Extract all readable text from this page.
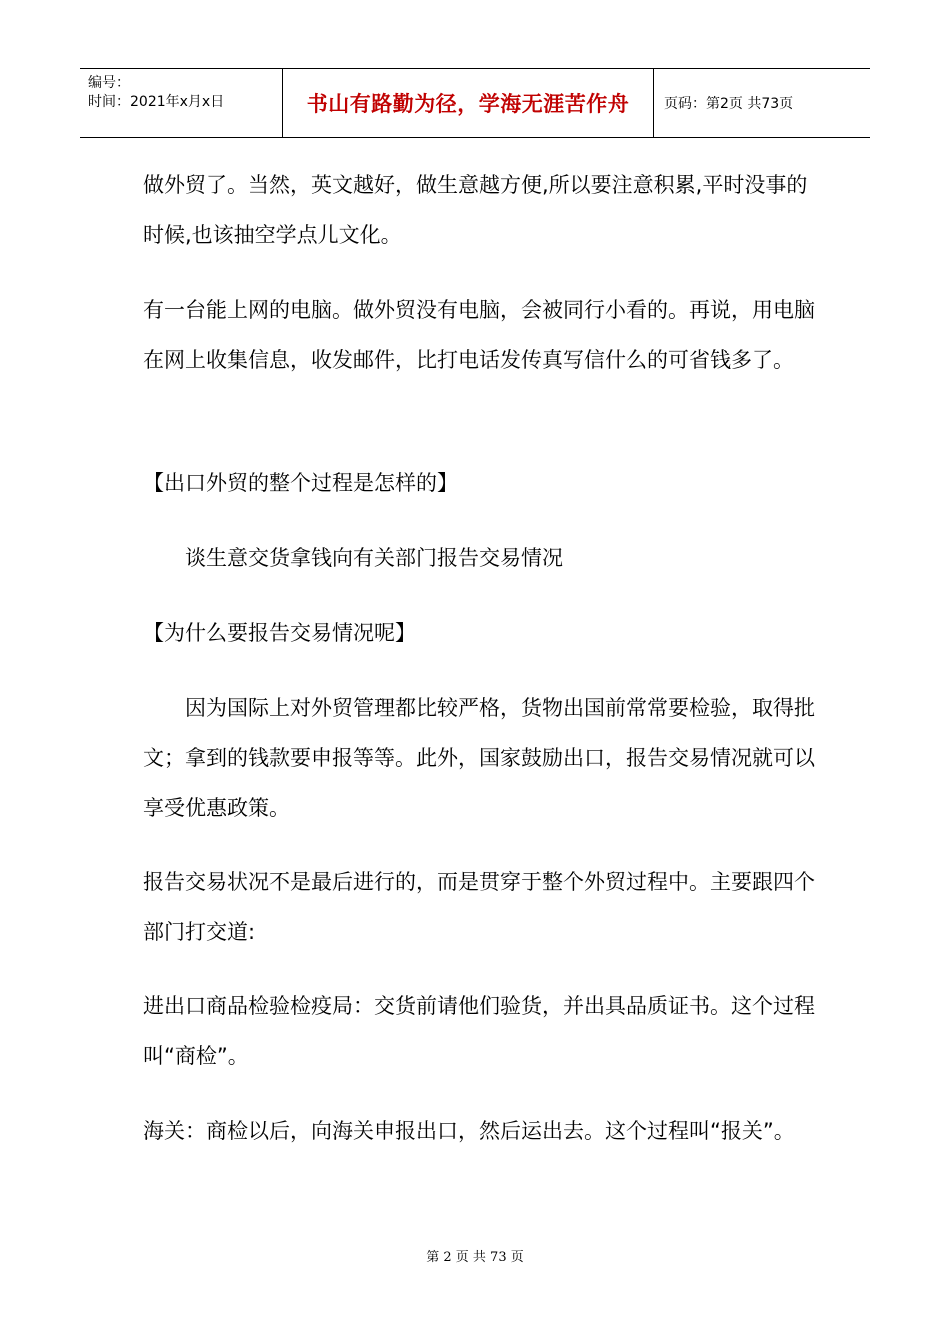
编号：
时间：2021年x月x日	书山有路勤为径，学海无涯苦作舟	页码：第2页 共73页

做外贸了。当然，英文越好，做生意越方便,所以要注意积累,平时没事的时候,也该抽空学点儿文化。

有一台能上网的电脑。做外贸没有电脑，会被同行小看的。再说，用电脑在网上收集信息，收发邮件，比打电话发传真写信什么的可省钱多了。

【出口外贸的整个过程是怎样的】

谈生意交货拿钱向有关部门报告交易情况

【为什么要报告交易情况呢】

因为国际上对外贸管理都比较严格，货物出国前常常要检验，取得批文；拿到的钱款要申报等等。此外，国家鼓励出口，报告交易情况就可以享受优惠政策。

报告交易状况不是最后进行的，而是贯穿于整个外贸过程中。主要跟四个部门打交道:

进出口商品检验检疫局：交货前请他们验货，并出具品质证书。这个过程叫“商检”。

海关：商检以后，向海关申报出口，然后运出去。这个过程叫“报关”。

第 2 页 共 73 页
